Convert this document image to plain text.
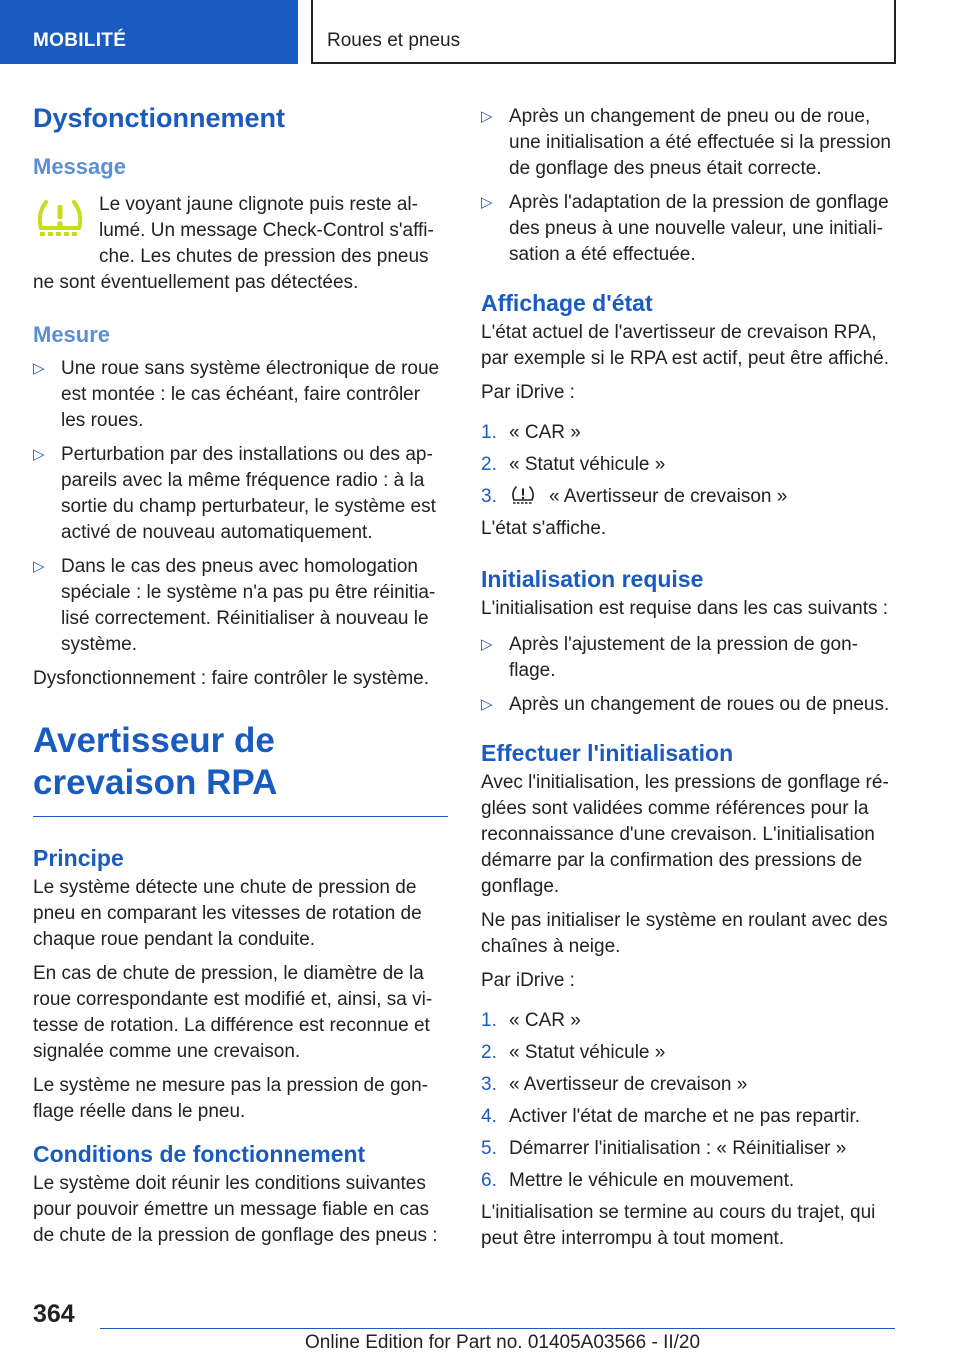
MOBILITÉ	Roues et pneus
Dysfonctionnement
Message

Le voyant jaune clignote puis reste al-

lumé. Un message Check-Control s'affi-

che. Les chutes de pression des pneus

ne sont éventuellement pas détectées.

Mesure
▷ Une roue sans système électronique de roue est montée : le cas échéant, faire contrôler les roues.
▷ Perturbation par des installations ou des ap-pareils avec la même fréquence radio : à la sortie du champ perturbateur, le système est activé de nouveau automatiquement.
▷ Dans le cas des pneus avec homologation spéciale : le système n'a pas pu être réinitia-lisé correctement. Réinitialiser à nouveau le système.

Dysfonctionnement : faire contrôler le système.

Avertisseur de crevaison RPA
Principe

Le système détecte une chute de pression de pneu en comparant les vitesses de rotation de chaque roue pendant la conduite.

En cas de chute de pression, le diamètre de la roue correspondante est modifié et, ainsi, sa vi-tesse de rotation. La différence est reconnue et signalée comme une crevaison.

Le système ne mesure pas la pression de gon-flage réelle dans le pneu.

Conditions de fonctionnement

Le système doit réunir les conditions suivantes pour pouvoir émettre un message fiable en cas de chute de la pression de gonflage des pneus :

▷ Après un changement de pneu ou de roue, une initialisation a été effectuée si la pression de gonflage des pneus était correcte.
▷ Après l'adaptation de la pression de gonflage des pneus à une nouvelle valeur, une initiali-sation a été effectuée.
Affichage d'état

L'état actuel de l'avertisseur de crevaison RPA, par exemple si le RPA est actif, peut être affiché.

Par iDrive :

1. « CAR »
2. « Statut véhicule »
3.	« Avertisseur de crevaison »

L'état s'affiche.

Initialisation requise

L'initialisation est requise dans les cas suivants :

▷ Après l'ajustement de la pression de gon-flage.
▷ Après un changement de roues ou de pneus.
Effectuer l'initialisation

Avec l'initialisation, les pressions de gonflage ré-glées sont validées comme références pour la reconnaissance d'une crevaison. L'initialisation démarre par la confirmation des pressions de gonflage.

Ne pas initialiser le système en roulant avec des chaînes à neige.

Par iDrive :

1. « CAR »
2. « Statut véhicule »
3. « Avertisseur de crevaison »
4. Activer l'état de marche et ne pas repartir.
5. Démarrer l'initialisation : « Réinitialiser »
6. Mettre le véhicule en mouvement.

L'initialisation se termine au cours du trajet, qui peut être interrompu à tout moment.

364
Online Edition for Part no. 01405A03566 - II/20
